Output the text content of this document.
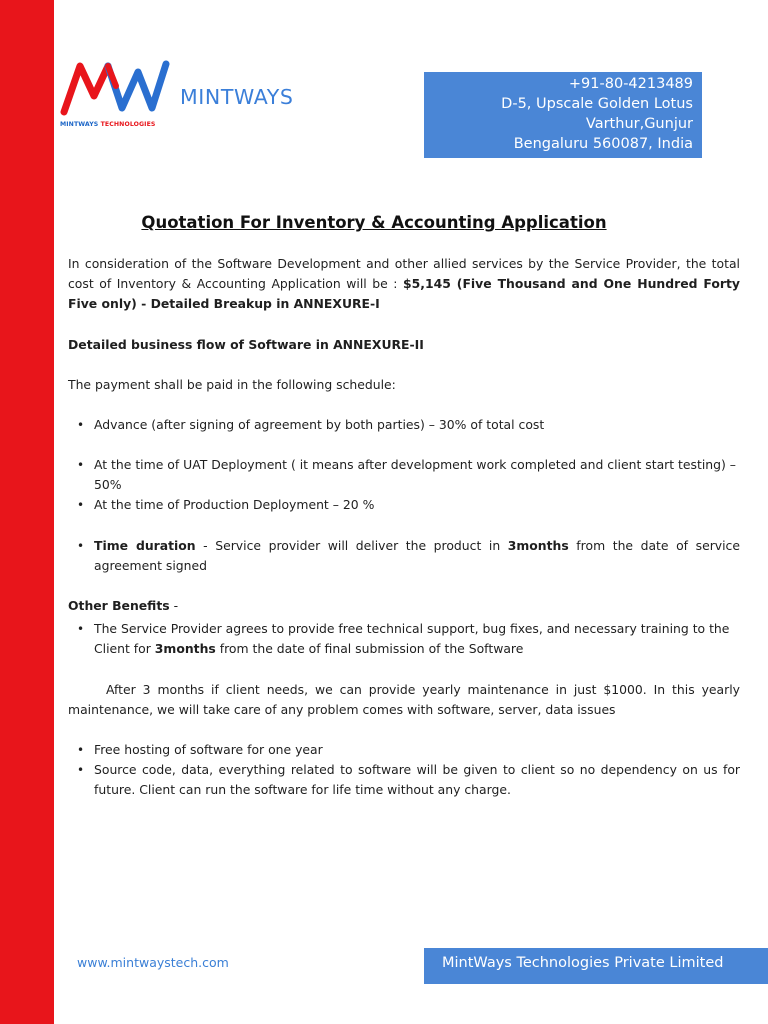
MINTWAYS TECHNOLOGIES
MINTWAYS
+91-80-4213489
D-5, Upscale Golden Lotus
Varthur,Gunjur
Bengaluru 560087, India
Quotation For Inventory & Accounting Application
In consideration of the Software Development and other allied services by the Service Provider, the total cost of Inventory & Accounting Application will be : $5,145 (Five Thousand and One Hundred Forty Five only) - Detailed Breakup in ANNEXURE-I
Detailed business flow of Software in ANNEXURE-II
The payment shall be paid in the following schedule:
• Advance (after signing of agreement by both parties) – 30% of total cost
• At the time of UAT Deployment ( it means after development work completed and client start testing) – 50%
• At the time of Production Deployment – 20 %
• Time duration - Service provider will deliver the product in 3months from the date of service agreement signed
Other Benefits -
• The Service Provider agrees to provide free technical support, bug fixes, and necessary training to the Client for 3months from the date of final submission of the Software
After 3 months if client needs, we can provide yearly maintenance in just $1000. In this yearly maintenance, we will take care of any problem comes with software, server, data issues
• Free hosting of software for one year
• Source code, data, everything related to software will be given to client so no dependency on us for future. Client can run the software for life time without any charge.
www.mintwaystech.com	MintWays Technologies Private Limited
